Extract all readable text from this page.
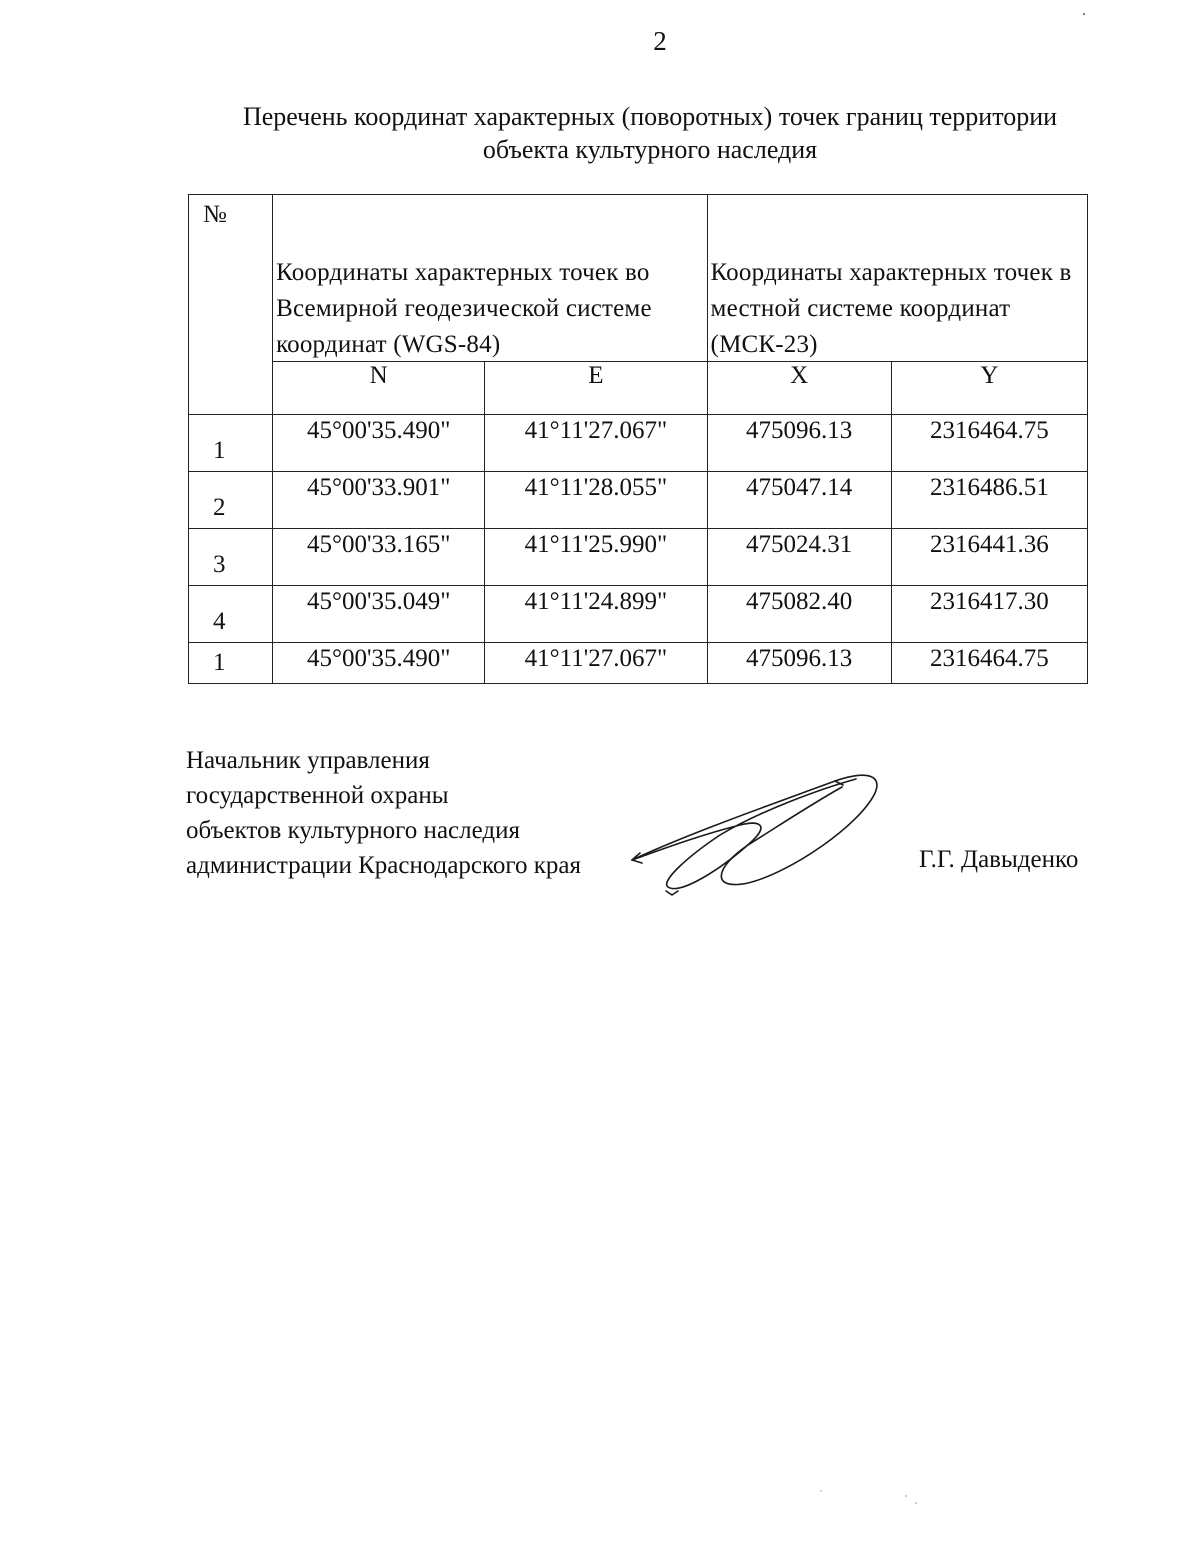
2
Перечень координат характерных (поворотных) точек границ территории
объекта культурного наследия
№	Координаты характерных точек во Всемирной геодезической системе координат (WGS-84)		Координаты характерных точек в местной системе координат (МСК-23)	

	N	E	X	Y
1	45°00'35.490"	41°11'27.067"	475096.13	2316464.75
2	45°00'33.901"	41°11'28.055"	475047.14	2316486.51
3	45°00'33.165"	41°11'25.990"	475024.31	2316441.36
4	45°00'35.049"	41°11'24.899"	475082.40	2316417.30
1	45°00'35.490"	41°11'27.067"	475096.13	2316464.75
Начальник управления
государственной охраны
объектов культурного наследия
администрации Краснодарского края	Г.Г. Давыденко
